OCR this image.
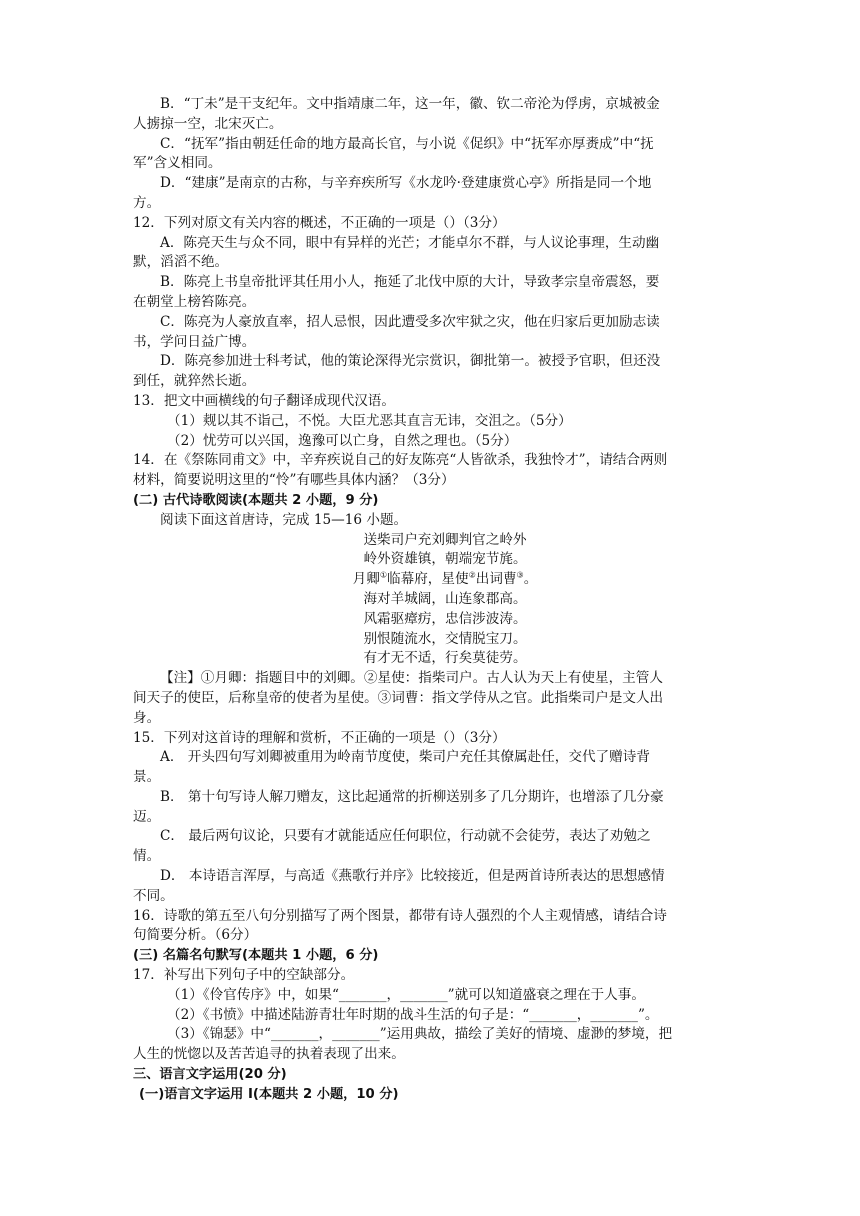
B．“丁未”是干支纪年。文中指靖康二年，这一年，徽、钦二帝沦为俘虏，京城被金
人掳掠一空，北宋灭亡。
C．“抚军”指由朝廷任命的地方最高长官，与小说《促织》中“抚军亦厚赉成”中“抚
军”含义相同。
D．“建康”是南京的古称，与辛弃疾所写《水龙吟·登建康赏心亭》所指是同一个地
方。
12．下列对原文有关内容的概述，不正确的一项是（）（3分）
A．陈亮天生与众不同，眼中有异样的光芒；才能卓尔不群，与人议论事理，生动幽
默，滔滔不绝。
B．陈亮上书皇帝批评其任用小人，拖延了北伐中原的大计，导致孝宗皇帝震怒，要
在朝堂上榜笞陈亮。
C．陈亮为人豪放直率，招人忌恨，因此遭受多次牢狱之灾，他在归家后更加励志读
书，学问日益广博。
D．陈亮参加进士科考试，他的策论深得光宗赏识，御批第一。被授予官职，但还没
到任，就猝然长逝。
13．把文中画横线的句子翻译成现代汉语。
（1）觌以其不诣己，不悦。大臣尤恶其直言无讳，交沮之。（5分）
（2）忧劳可以兴国，逸豫可以亡身，自然之理也。（5分）
14．在《祭陈同甫文》中，辛弃疾说自己的好友陈亮“人皆欲杀，我独怜才”，请结合两则
材料，简要说明这里的“怜”有哪些具体内涵？（3分）
(二) 古代诗歌阅读(本题共 2 小题，9 分)
阅读下面这首唐诗，完成 15—16 小题。
送柴司户充刘卿判官之岭外
岭外资雄镇，朝端宠节旄。
月卿①临幕府，星使②出词曹③。
海对羊城阔，山连象郡高。
风霜驱瘴疠，忠信涉波涛。
别恨随流水，交情脱宝刀。
有才无不适，行矣莫徒劳。
【注】①月卿：指题目中的刘卿。②星使：指柴司户。古人认为天上有使星，主管人
间天子的使臣，后称皇帝的使者为星使。③词曹：指文学侍从之官。此指柴司户是文人出
身。
15．下列对这首诗的理解和赏析，不正确的一项是（）（3分）
A． 开头四句写刘卿被重用为岭南节度使，柴司户充任其僚属赴任，交代了赠诗背
景。
B． 第十句写诗人解刀赠友，这比起通常的折柳送别多了几分期许，也增添了几分豪
迈。
C． 最后两句议论，只要有才就能适应任何职位，行动就不会徒劳，表达了劝勉之
情。
D． 本诗语言浑厚，与高适《燕歌行并序》比较接近，但是两首诗所表达的思想感情
不同。
16．诗歌的第五至八句分别描写了两个图景，都带有诗人强烈的个人主观情感，请结合诗
句简要分析。（6分）
(三) 名篇名句默写(本题共 1 小题，6 分)
17．补写出下列句子中的空缺部分。
（1）《伶官传序》中，如果“_______，_______”就可以知道盛衰之理在于人事。
（2）《书愤》中描述陆游青壮年时期的战斗生活的句子是：“_______，_______”。
（3）《锦瑟》中“_______，_______”运用典故，描绘了美好的情境、虚渺的梦境，把
人生的恍惚以及苦苦追寻的执着表现了出来。
三、语言文字运用(20 分)
(一)语言文字运用 I(本题共 2 小题，10 分)
